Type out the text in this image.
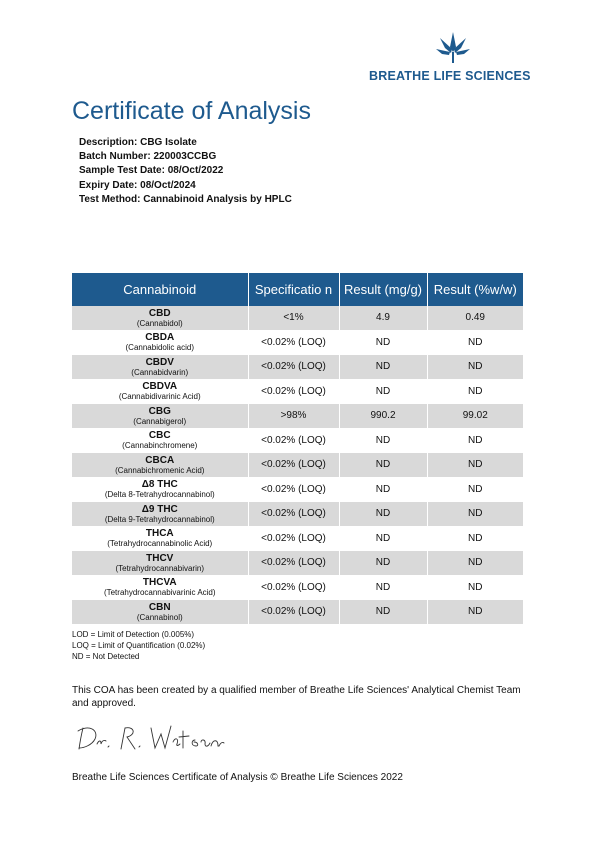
BREATHE LIFE SCIENCES
Certificate of Analysis
Description: CBG Isolate
Batch Number: 220003CCBG
Sample Test Date: 08/Oct/2022
Expiry Date: 08/Oct/2024
Test Method: Cannabinoid Analysis by HPLC
Cannabinoid	Specificatio n	Result (mg/g)	Result (%w/w)

CBD
(Cannabidol)	<1%	4.9	0.49

CBDA
(Cannabidolic acid)	<0.02% (LOQ)	ND	ND

CBDV
(Cannabidvarin)	<0.02% (LOQ)	ND	ND

CBDVA
(Cannabidivarinic Acid)	<0.02% (LOQ)	ND	ND

CBG
(Cannabigerol)	>98%	990.2	99.02

CBC
(Cannabinchromene)	<0.02% (LOQ)	ND	ND

CBCA
(Cannabichromenic Acid)	<0.02% (LOQ)	ND	ND

Δ8 THC
(Delta 8-Tetrahydrocannabinol)	<0.02% (LOQ)	ND	ND

Δ9 THC
(Delta 9-Tetrahydrocannabinol)	<0.02% (LOQ)	ND	ND

THCA
(Tetrahydrocannabinolic Acid)	<0.02% (LOQ)	ND	ND

THCV
(Tetrahydrocannabivarin)	<0.02% (LOQ)	ND	ND

THCVA
(Tetrahydrocannabivarinic Acid)	<0.02% (LOQ)	ND	ND

CBN
(Cannabinol)	<0.02% (LOQ)	ND	ND
LOD = Limit of Detection (0.005%)
LOQ = Limit of Quantification (0.02%)
ND = Not Detected
This COA has been created by a qualified member of Breathe Life Sciences' Analytical Chemist Team and approved.
Breathe Life Sciences Certificate of Analysis © Breathe Life Sciences 2022
